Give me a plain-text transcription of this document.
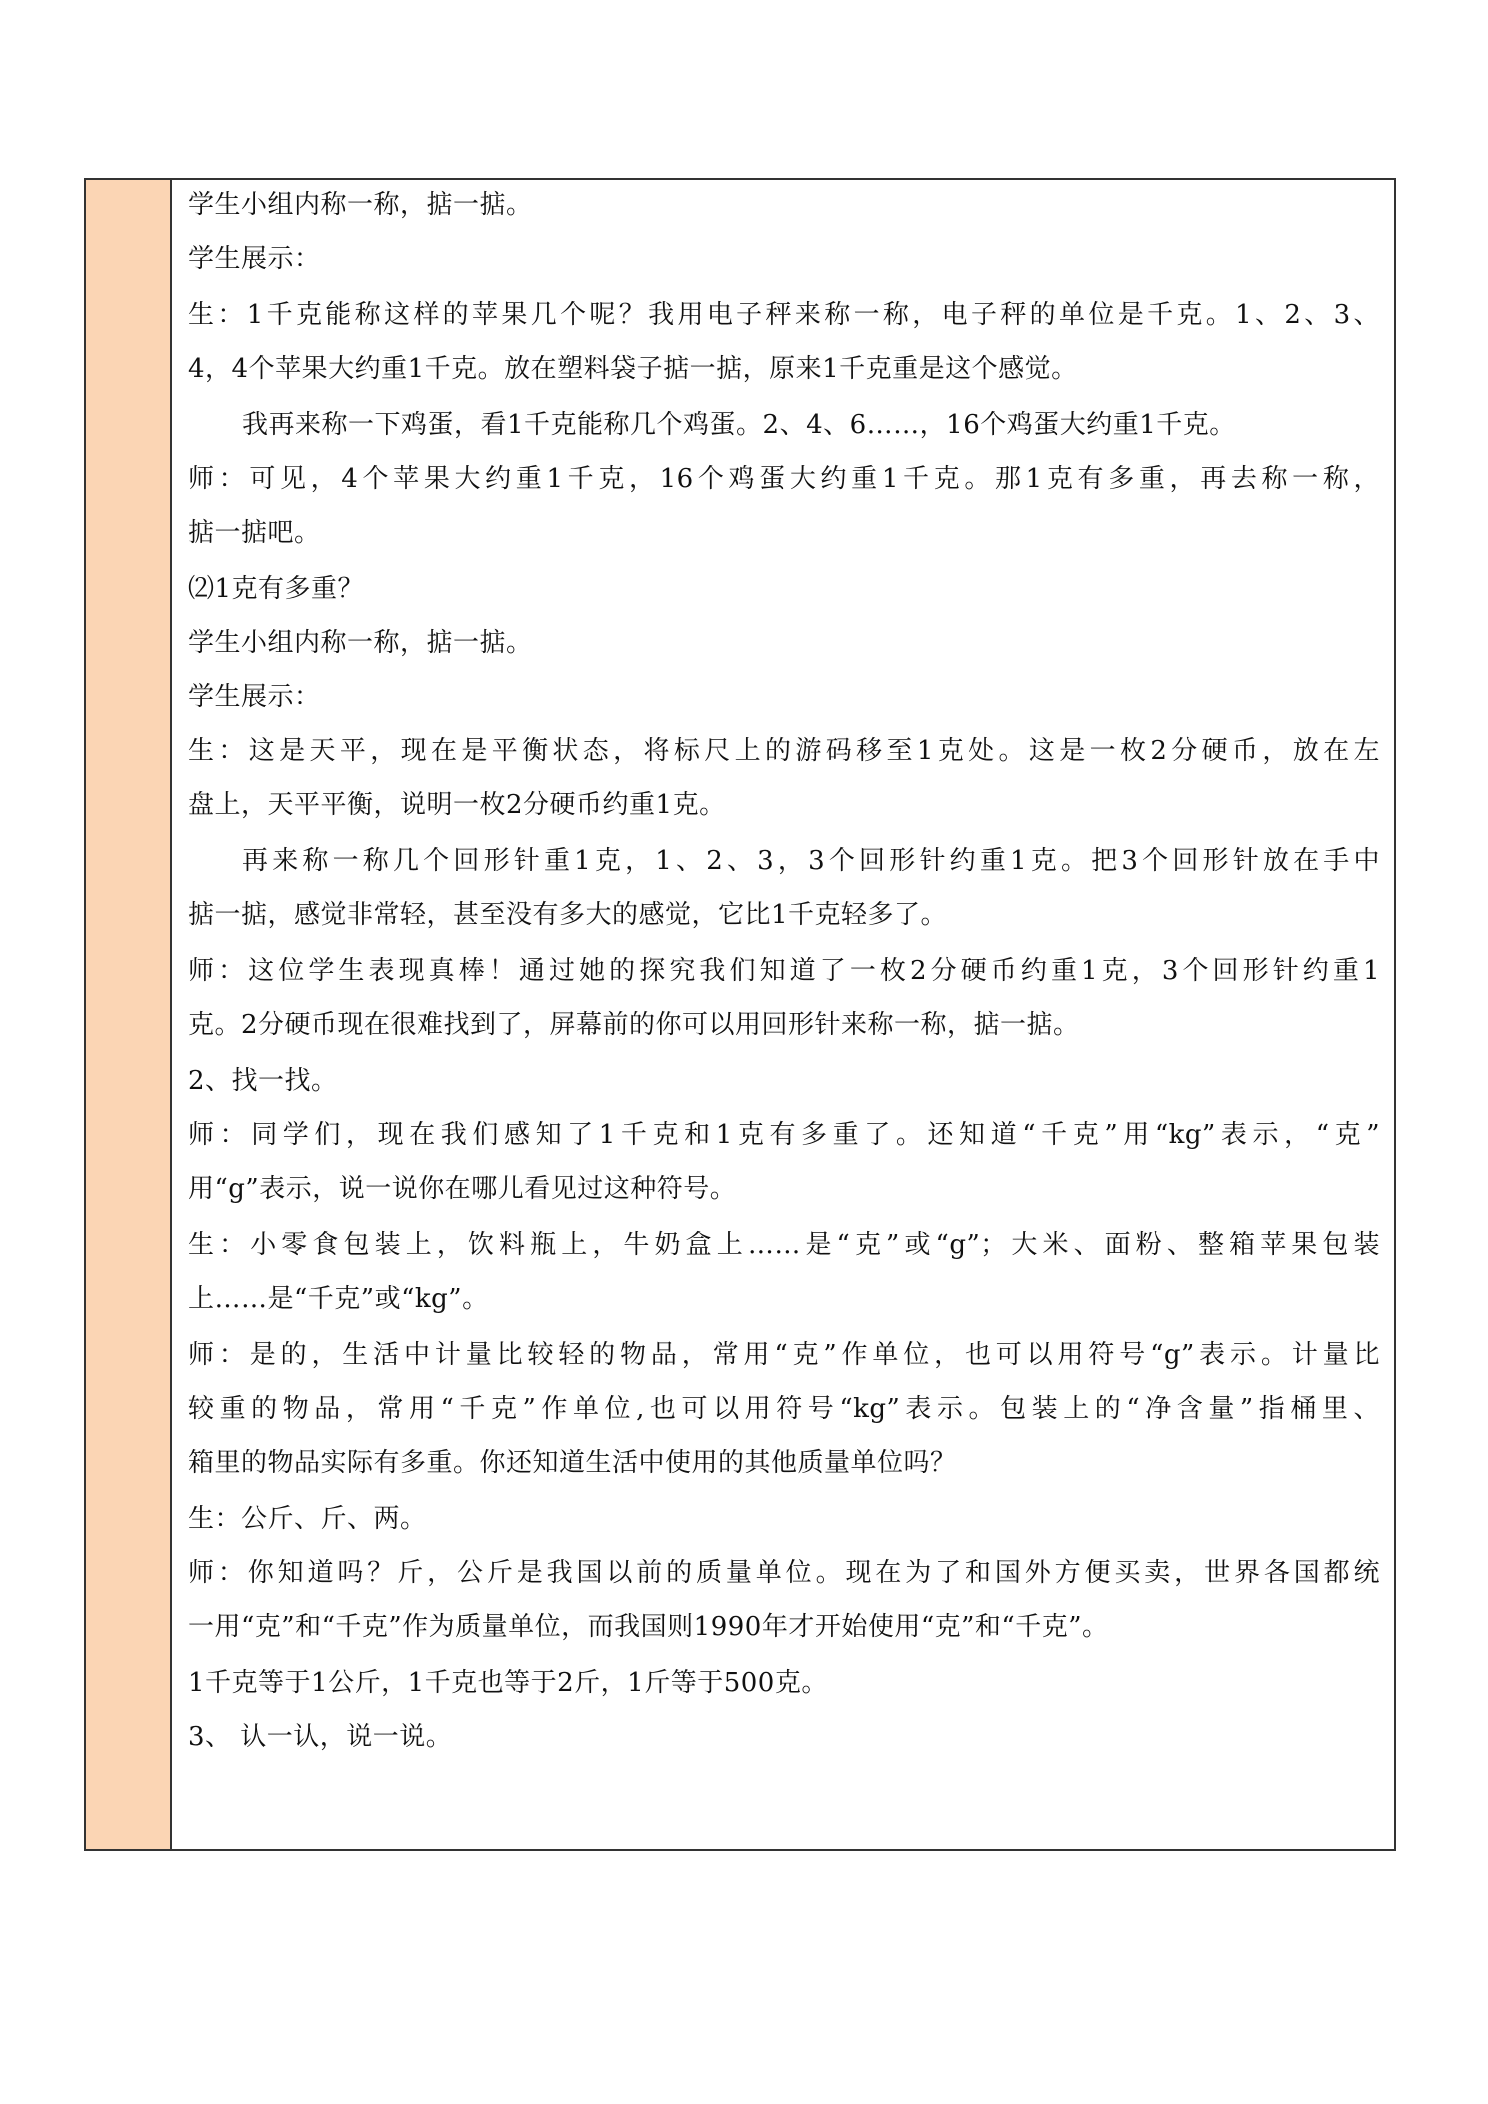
学生小组内称一称，掂一掂。
学生展示：
生：1千克能称这样的苹果几个呢？我用电子秤来称一称，电子秤的单位是千克。1、2、3、
4，4个苹果大约重1千克。放在塑料袋子掂一掂，原来1千克重是这个感觉。
我再来称一下鸡蛋，看1千克能称几个鸡蛋。2、4、6……，16个鸡蛋大约重1千克。
师：可见，4个苹果大约重1千克，16个鸡蛋大约重1千克。那1克有多重，再去称一称，
掂一掂吧。
⑵1克有多重？
学生小组内称一称，掂一掂。
学生展示：
生：这是天平，现在是平衡状态，将标尺上的游码移至1克处。这是一枚2分硬币，放在左
盘上，天平平衡，说明一枚2分硬币约重1克。
再来称一称几个回形针重1克，1、2、3，3个回形针约重1克。把3个回形针放在手中
掂一掂，感觉非常轻，甚至没有多大的感觉，它比1千克轻多了。
师：这位学生表现真棒！通过她的探究我们知道了一枚2分硬币约重1克，3个回形针约重1
克。2分硬币现在很难找到了，屏幕前的你可以用回形针来称一称，掂一掂。
2、找一找。
师：同学们，现在我们感知了1千克和1克有多重了。还知道“千克”用“kg”表示，“克”
用“g”表示，说一说你在哪儿看见过这种符号。
生：小零食包装上，饮料瓶上，牛奶盒上……是“克”或“g”；大米、面粉、整箱苹果包装
上……是“千克”或“kg”。
师：是的，生活中计量比较轻的物品，常用“克”作单位，也可以用符号“g”表示。计量比
较重的物品，常用“千克”作单位,也可以用符号“kg”表示。包装上的“净含量”指桶里、
箱里的物品实际有多重。你还知道生活中使用的其他质量单位吗？
生：公斤、斤、两。
师：你知道吗？斤，公斤是我国以前的质量单位。现在为了和国外方便买卖，世界各国都统
一用“克”和“千克”作为质量单位，而我国则1990年才开始使用“克”和“千克”。
1千克等于1公斤，1千克也等于2斤，1斤等于500克。
3、 认一认，说一说。
